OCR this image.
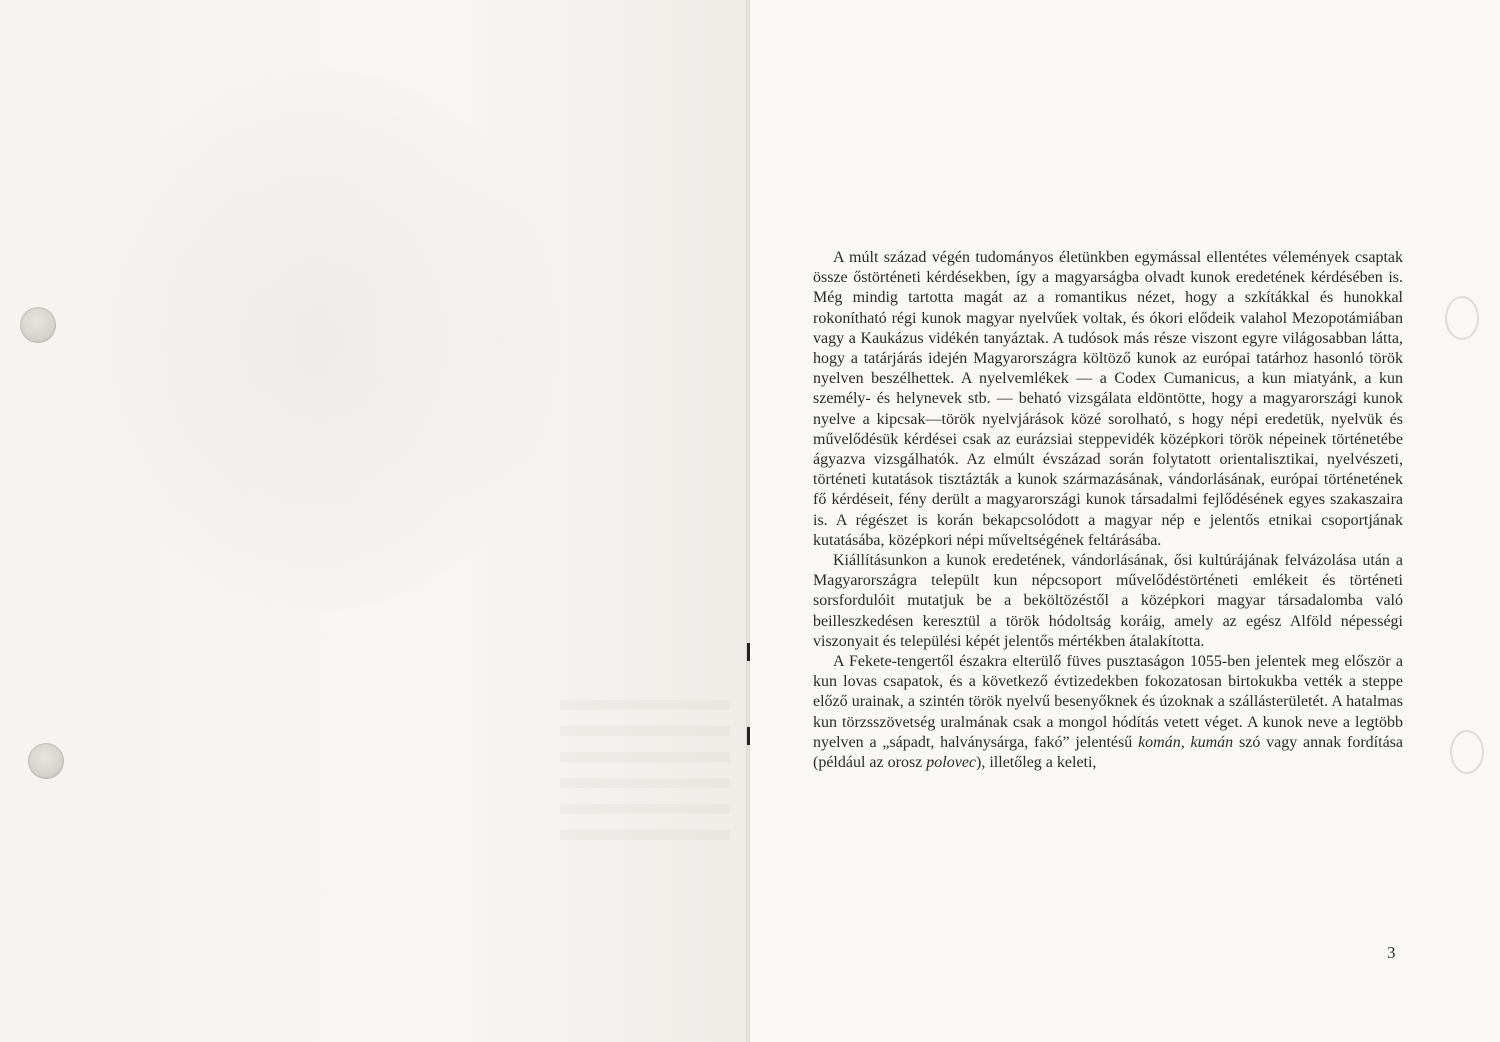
A múlt század végén tudományos életünkben egymással ellentétes vélemények csaptak össze őstörténeti kérdésekben, így a magyarságba olvadt kunok eredetének kérdésében is. Még mindig tartotta magát az a romantikus nézet, hogy a szkítákkal és hunokkal rokonítható régi kunok magyar nyelvűek voltak, és ókori elődeik valahol Mezopotámiában vagy a Kaukázus vidékén tanyáztak. A tudósok más része viszont egyre világosabban látta, hogy a tatárjárás idején Magyarországra költöző kunok az európai tatárhoz hasonló török nyelven beszélhettek. A nyelvemlékek — a Codex Cumanicus, a kun miatyánk, a kun személy- és helynevek stb. — beható vizsgálata eldöntötte, hogy a magyarországi kunok nyelve a kipcsak—török nyelvjárások közé sorolható, s hogy népi eredetük, nyelvük és művelődésük kérdései csak az eurázsiai steppevidék középkori török népeinek történetébe ágyazva vizsgálhatók. Az elmúlt évszázad során folytatott orientalisztikai, nyelvészeti, történeti kutatások tisztázták a kunok származásának, vándorlásának, európai történetének fő kérdéseit, fény derült a magyarországi kunok társadalmi fejlődésének egyes szakaszaira is. A régészet is korán bekapcsolódott a magyar nép e jelentős etnikai csoportjának kutatásába, középkori népi műveltségének feltárásába.

Kiállításunkon a kunok eredetének, vándorlásának, ősi kultúrájának felvázolása után a Magyarországra települt kun népcsoport művelődéstörténeti emlékeit és történeti sorsfordulóit mutatjuk be a beköltözéstől a középkori magyar társadalomba való beilleszkedésen keresztül a török hódoltság koráig, amely az egész Alföld népességi viszonyait és települési képét jelentős mértékben átalakította.

A Fekete-tengertől északra elterülő füves pusztaságon 1055-ben jelentek meg először a kun lovas csapatok, és a következő évtizedekben fokozatosan birtokukba vették a steppe előző urainak, a szintén török nyelvű besenyőknek és úzoknak a szállásterületét. A hatalmas kun törzsszövetség uralmának csak a mongol hódítás vetett véget. A kunok neve a legtöbb nyelven a „sápadt, halványsárga, fakó” jelentésű komán, kumán szó vagy annak fordítása (például az orosz polovec), illetőleg a keleti,

3
